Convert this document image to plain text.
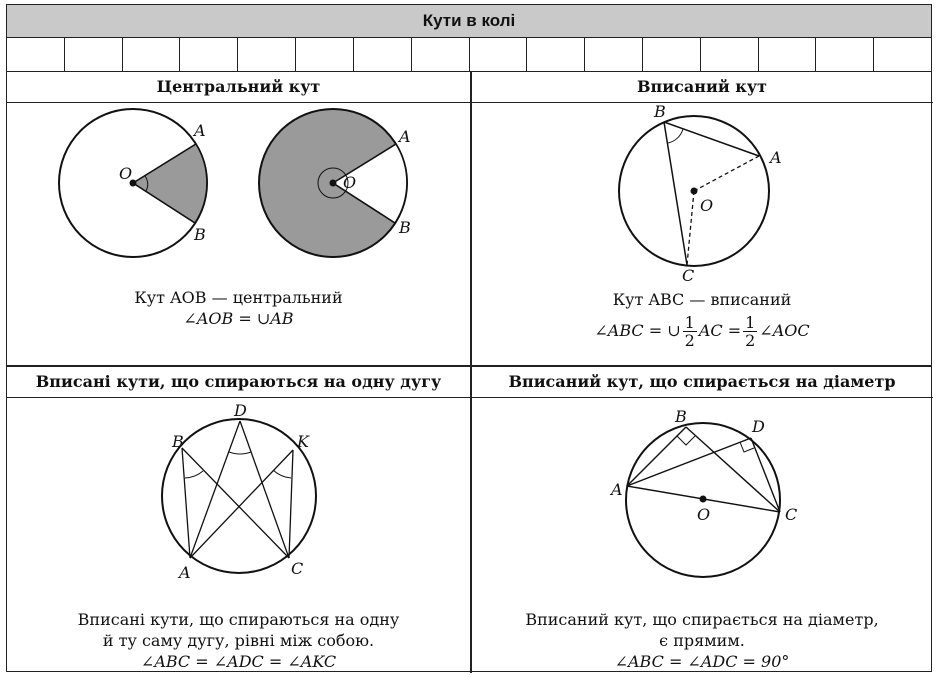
Кути в колі
Центральний кут	Вписаний кут
Вписані кути, що спираються на одну дугу	Вписаний кут, що спирається на діаметр
O
A
B
O
A
B
Кут AOB — центральний
∠AOB = ∪AB
B
A
O
C
Кут ABC — вписаний
∠ABC = ∪ $\frac{1}{2}$ AC = $\frac{1}{2}$ ∠AOC
B
D
K
A	C
Вписані кути, що спираються на одну
й ту саму дугу, рівні між собою.
∠ABC = ∠ADC = ∠AKC
B
D
A
O	C
Вписаний кут, що спирається на діаметр,
є прямим.
∠ABC = ∠ADC = 90°
